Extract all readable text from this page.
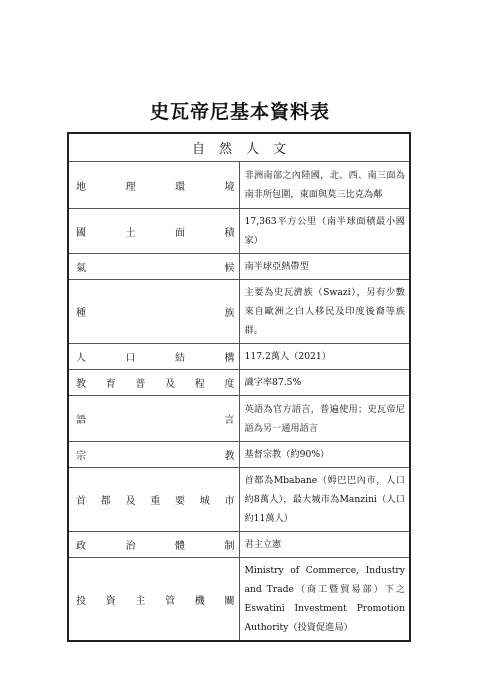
史瓦帝尼基本資料表
自然人文	
地理環境	非洲南部之內陸國，北、西、南三面為南非所包圍，東面與莫三比克為鄰
國土面積	17,363平方公里（南半球面積最小國家）
氣候	南半球亞熱帶型
種族	主要為史瓦濟族（Swazi），另有少數來自歐洲之白人移民及印度後裔等族群。
人口結構	117.2萬人（2021）
教育普及程度	識字率87.5%
語言	英語為官方語言，普遍使用；史瓦帝尼語為另一通用語言
宗教	基督宗教（約90%）
首都及重要城市	首都為Mbabane（姆巴巴內市，人口約8萬人），最大城市為Manzini（人口約11萬人）
政治體制	君主立憲
投資主管機關	Ministry of Commerce, Industry and Trade（商工暨貿易部）下之Eswatini Investment Promotion Authority（投資促進局）
